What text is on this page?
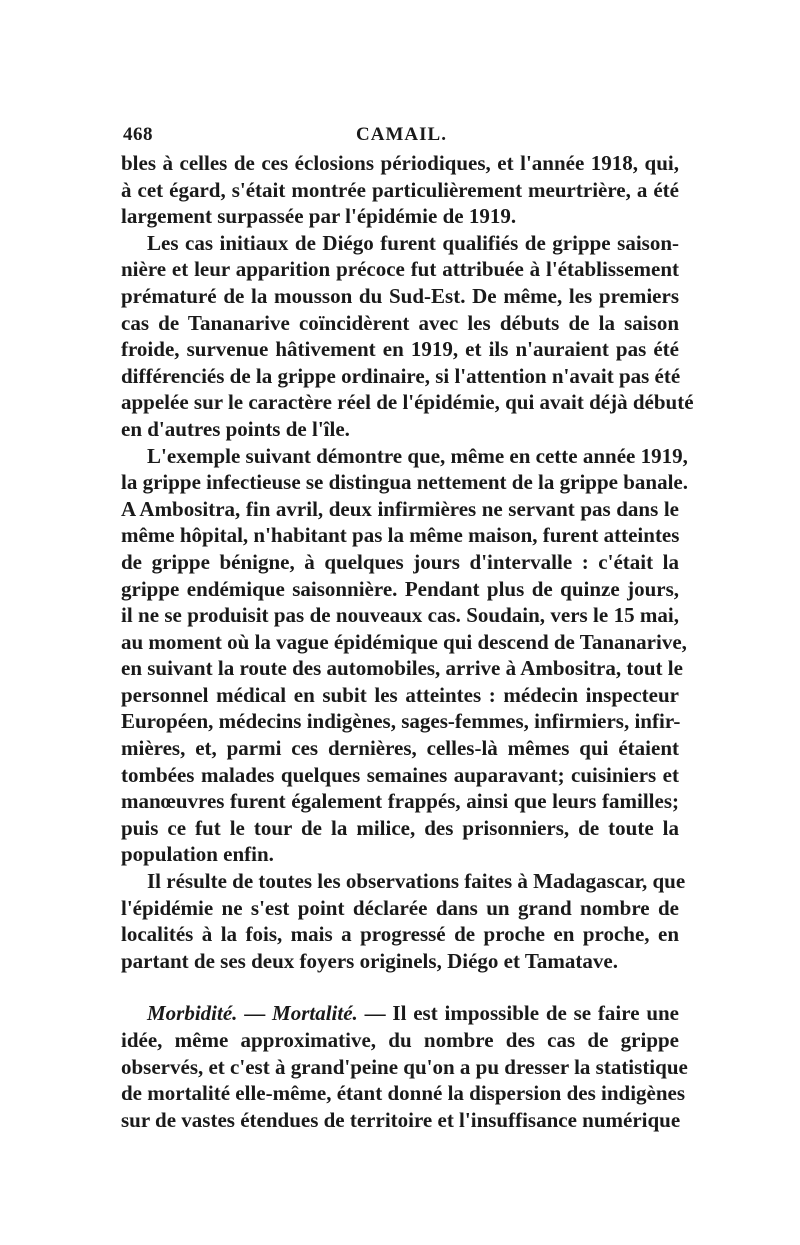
468	CAMAIL.
bles à celles de ces éclosions périodiques, et l'année 1918, qui,
à cet égard, s'était montrée particulièrement meurtrière, a été
largement surpassée par l'épidémie de 1919.
Les cas initiaux de Diégo furent qualifiés de grippe saison-
nière et leur apparition précoce fut attribuée à l'établissement
prématuré de la mousson du Sud-Est. De même, les premiers
cas de Tananarive coïncidèrent avec les débuts de la saison
froide, survenue hâtivement en 1919, et ils n'auraient pas été
différenciés de la grippe ordinaire, si l'attention n'avait pas été
appelée sur le caractère réel de l'épidémie, qui avait déjà débuté
en d'autres points de l'île.
L'exemple suivant démontre que, même en cette année 1919,
la grippe infectieuse se distingua nettement de la grippe banale.
A Ambositra, fin avril, deux infirmières ne servant pas dans le
même hôpital, n'habitant pas la même maison, furent atteintes
de grippe bénigne, à quelques jours d'intervalle : c'était la
grippe endémique saisonnière. Pendant plus de quinze jours,
il ne se produisit pas de nouveaux cas. Soudain, vers le 15 mai,
au moment où la vague épidémique qui descend de Tananarive,
en suivant la route des automobiles, arrive à Ambositra, tout le
personnel médical en subit les atteintes : médecin inspecteur
Européen, médecins indigènes, sages-femmes, infirmiers, infir-
mières, et, parmi ces dernières, celles-là mêmes qui étaient
tombées malades quelques semaines auparavant; cuisiniers et
manœuvres furent également frappés, ainsi que leurs familles;
puis ce fut le tour de la milice, des prisonniers, de toute la
population enfin.
Il résulte de toutes les observations faites à Madagascar, que
l'épidémie ne s'est point déclarée dans un grand nombre de
localités à la fois, mais a progressé de proche en proche, en
partant de ses deux foyers originels, Diégo et Tamatave.
Morbidité. — Mortalité. — Il est impossible de se faire une
idée, même approximative, du nombre des cas de grippe
observés, et c'est à grand'peine qu'on a pu dresser la statistique
de mortalité elle-même, étant donné la dispersion des indigènes
sur de vastes étendues de territoire et l'insuffisance numérique
